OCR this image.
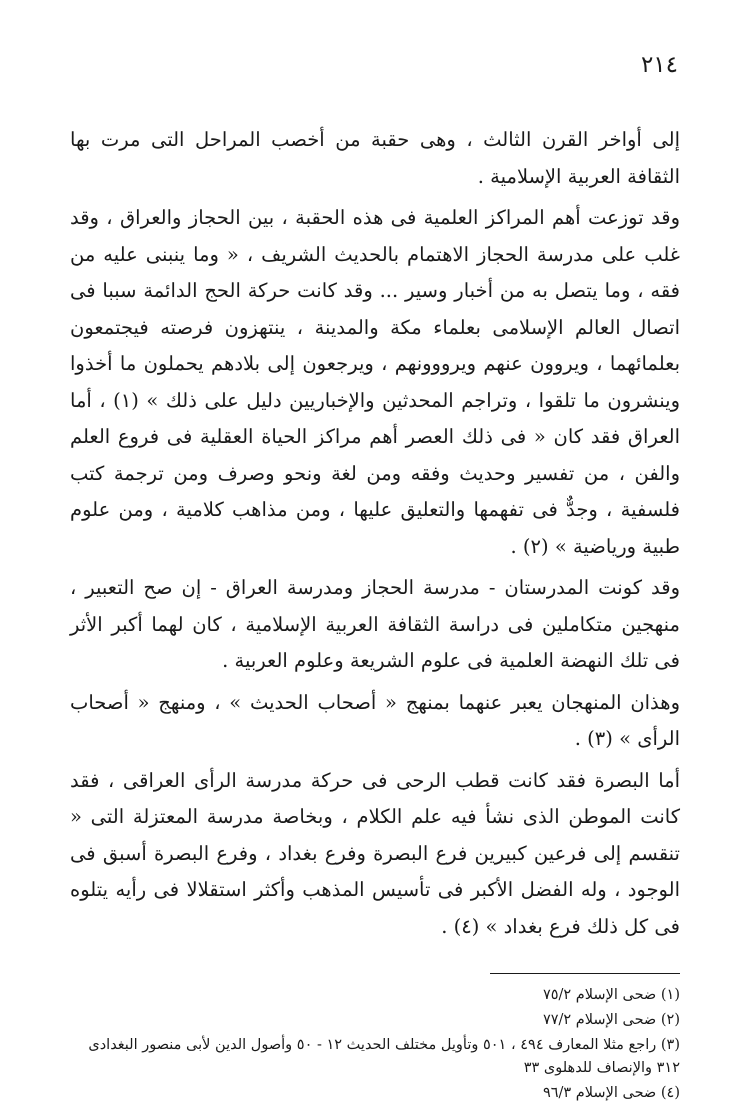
٢١٤

إلى أواخر القرن الثالث ، وهى حقبة من أخصب المراحل التى مرت بها الثقافة العربية الإسلامية .

وقد توزعت أهم المراكز العلمية فى هذه الحقبة ، بين الحجاز والعراق ، وقد غلب على مدرسة الحجاز الاهتمام بالحديث الشريف ، « وما ينبنى عليه من فقه ، وما يتصل به من أخبار وسير ... وقد كانت حركة الحج الدائمة سببا فى اتصال العالم الإسلامى بعلماء مكة والمدينة ، ينتهزون فرصته فيجتمعون بعلمائهما ، ويروون عنهم ويرووونهم ، ويرجعون إلى بلادهم يحملون ما أخذوا وينشرون ما تلقوا ، وتراجم المحدثين والإخباريين دليل على ذلك » (١) ، أما العراق فقد كان « فى ذلك العصر أهم مراكز الحياة العقلية فى فروع العلم والفن ، من تفسير وحديث وفقه ومن لغة ونحو وصرف ومن ترجمة كتب فلسفية ، وجدٌّ فى تفهمها والتعليق عليها ، ومن مذاهب كلامية ، ومن علوم طبية ورياضية » (٢) .

وقد كونت المدرستان - مدرسة الحجاز ومدرسة العراق - إن صح التعبير ، منهجين متكاملين فى دراسة الثقافة العربية الإسلامية ، كان لهما أكبر الأثر فى تلك النهضة العلمية فى علوم الشريعة وعلوم العربية .

وهذان المنهجان يعبر عنهما بمنهج « أصحاب الحديث » ، ومنهج « أصحاب الرأى » (٣) .

أما البصرة فقد كانت قطب الرحى فى حركة مدرسة الرأى العراقى ، فقد كانت الموطن الذى نشأ فيه علم الكلام ، وبخاصة مدرسة المعتزلة التى « تنقسم إلى فرعين كبيرين فرع البصرة وفرع بغداد ، وفرع البصرة أسبق فى الوجود ، وله الفضل الأكبر فى تأسيس المذهب وأكثر استقلالا فى رأيه يتلوه فى كل ذلك فرع بغداد » (٤) .

(١)ضحى الإسلام ٧٥/٢
(٢)ضحى الإسلام ٧٧/٢
(٣)راجع مثلا المعارف ٤٩٤ ، ٥٠١ وتأويل مختلف الحديث ١٢ - ٥٠ وأصول الدين لأبى منصور البغدادى ٣١٢ والإنصاف للدهلوى ٣٣
(٤)ضحى الإسلام ٩٦/٣
